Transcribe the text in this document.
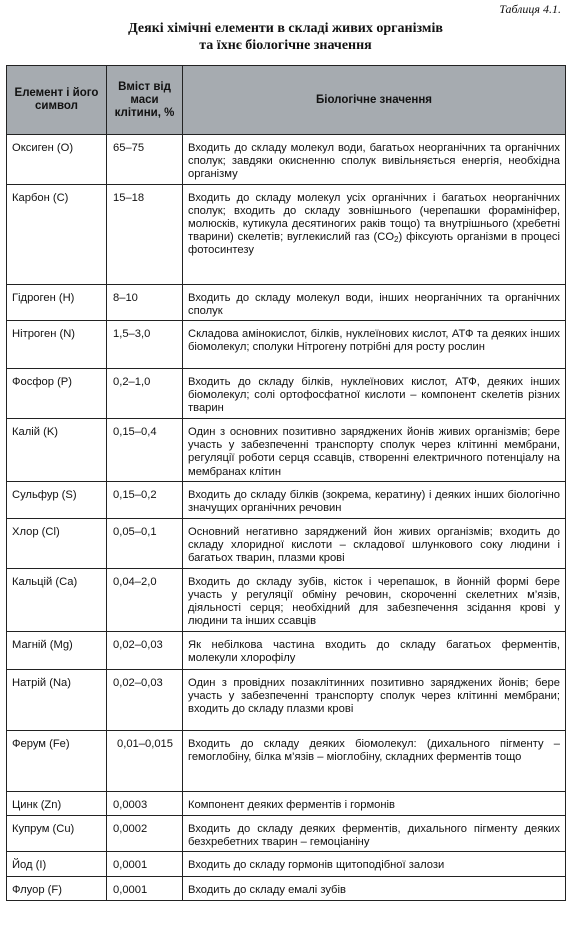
Таблиця 4.1.
Деякі хімічні елементи в складі живих організмів
та їхнє біологічне значення
Елемент і його символ	Вміст від маси клітини, %	Біологічне значення
Оксиген (О)	65–75	Входить до складу молекул води, багатьох неорганічних та органічних сполук; завдяки окисненню сполук вивільняється енергія, необхідна організму
Карбон (С)	15–18	Входить до складу молекул усіх органічних і багатьох неорганічних сполук; входить до складу зовнішнього (черепашки форамініфер, молюсків, кутикула десятиногих раків тощо) та внутрішнього (хребетні тварини) скелетів; вуглекислий газ $(CO_2)$ фіксують організми в процесі фотосинтезу
Гідроген (Н)	8–10	Входить до складу молекул води, інших неорганічних та органічних сполук
Нітроген (N)	1,5–3,0	Складова амінокислот, білків, нуклеїнових кислот, АТФ та деяких інших біомолекул; сполуки Нітрогену потрібні для росту рослин
Фосфор (Р)	0,2–1,0	Входить до складу білків, нуклеїнових кислот, АТФ, деяких інших біомолекул; солі ортофосфатної кислоти – компонент скелетів різних тварин
Калій (K)	0,15–0,4	Один з основних позитивно заряджених йонів живих організмів; бере участь у забезпеченні транспорту сполук через клітинні мембрани, регуляції роботи серця ссавців, створенні електричного потенціалу на мембранах клітин
Сульфур (S)	0,15–0,2	Входить до складу білків (зокрема, кератину) і деяких інших біологічно значущих органічних речовин
Хлор (Cl)	0,05–0,1	Основний негативно заряджений йон живих організмів; входить до складу хлоридної кислоти – складової шлункового соку людини і багатьох тварин, плазми крові
Кальцій (Са)	0,04–2,0	Входить до складу зубів, кісток і черепашок, в йонній формі бере участь у регуляції обміну речовин, скороченні скелетних м’язів, діяльності серця; необхідний для забезпечення зсідання крові у людини та інших ссавців
Магній (Mg)	0,02–0,03	Як небілкова частина входить до складу багатьох ферментів, молекули хлорофілу
Натрій (Na)	0,02–0,03	Один з провідних позаклітинних позитивно заряджених йонів; бере участь у забезпеченні транспорту сполук через клітинні мембрани; входить до складу плазми крові
Ферум (Fe)	0,01–0,015	Входить до складу деяких біомолекул: (дихального пігменту – гемоглобіну, білка м’язів – міоглобіну, складних ферментів тощо
Цинк (Zn)	0,0003	Компонент деяких ферментів і гормонів
Купрум (Cu)	0,0002	Входить до складу деяких ферментів, дихального пігменту деяких безхребетних тварин – гемоціаніну
Йод (I)	0,0001	Входить до складу гормонів щитоподібної залози
Флуор (F)	0,0001	Входить до складу емалі зубів
